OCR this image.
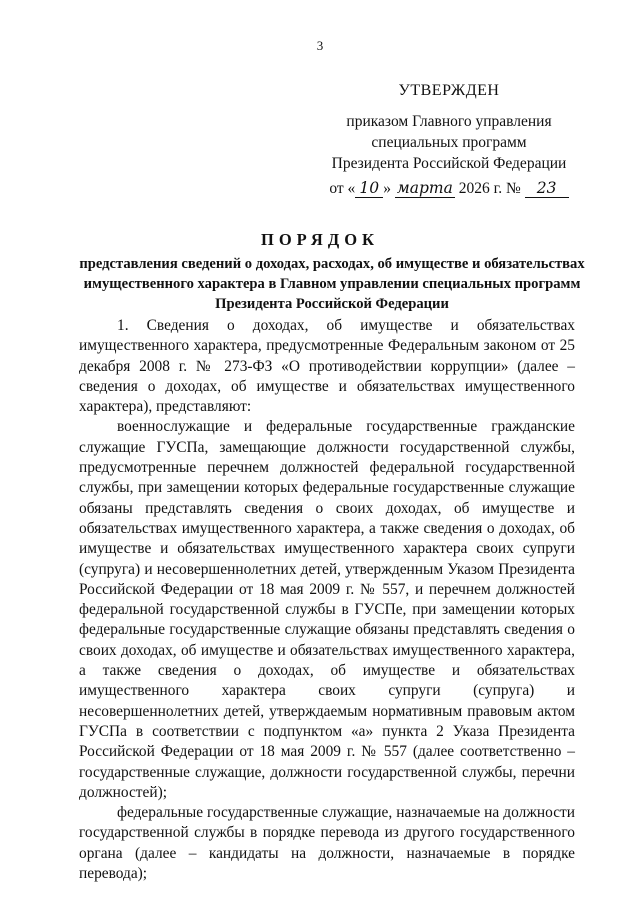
3
УТВЕРЖДЕН
приказом Главного управления
специальных программ
Президента Российской Федерации
от « 10 » марта 2026 г. № 23
ПОРЯДОК
представления сведений о доходах, расходах, об имуществе и обязательствах имущественного характера в Главном управлении специальных программ Президента Российской Федерации

1. Сведения о доходах, об имуществе и обязательствах имущественного характера, предусмотренные Федеральным законом от 25 декабря 2008 г. № 273-ФЗ «О противодействии коррупции» (далее – сведения о доходах, об имуществе и обязательствах имущественного характера), представляют:

военнослужащие и федеральные государственные гражданские служащие ГУСПа, замещающие должности государственной службы, предусмотренные перечнем должностей федеральной государственной службы, при замещении которых федеральные государственные служащие обязаны представлять сведения о своих доходах, об имуществе и обязательствах имущественного характера, а также сведения о доходах, об имуществе и обязательствах имущественного характера своих супруги (супруга) и несовершеннолетних детей, утвержденным Указом Президента Российской Федерации от 18 мая 2009 г. № 557, и перечнем должностей федеральной государственной службы в ГУСПе, при замещении которых федеральные государственные служащие обязаны представлять сведения о своих доходах, об имуществе и обязательствах имущественного характера, а также сведения о доходах, об имуществе и обязательствах имущественного характера своих супруги (супруга) и несовершеннолетних детей, утверждаемым нормативным правовым актом ГУСПа в соответствии с подпунктом «а» пункта 2 Указа Президента Российской Федерации от 18 мая 2009 г. № 557 (далее соответственно – государственные служащие, должности государственной службы, перечни должностей);

федеральные государственные служащие, назначаемые на должности государственной службы в порядке перевода из другого государственного органа (далее – кандидаты на должности, назначаемые в порядке перевода);
